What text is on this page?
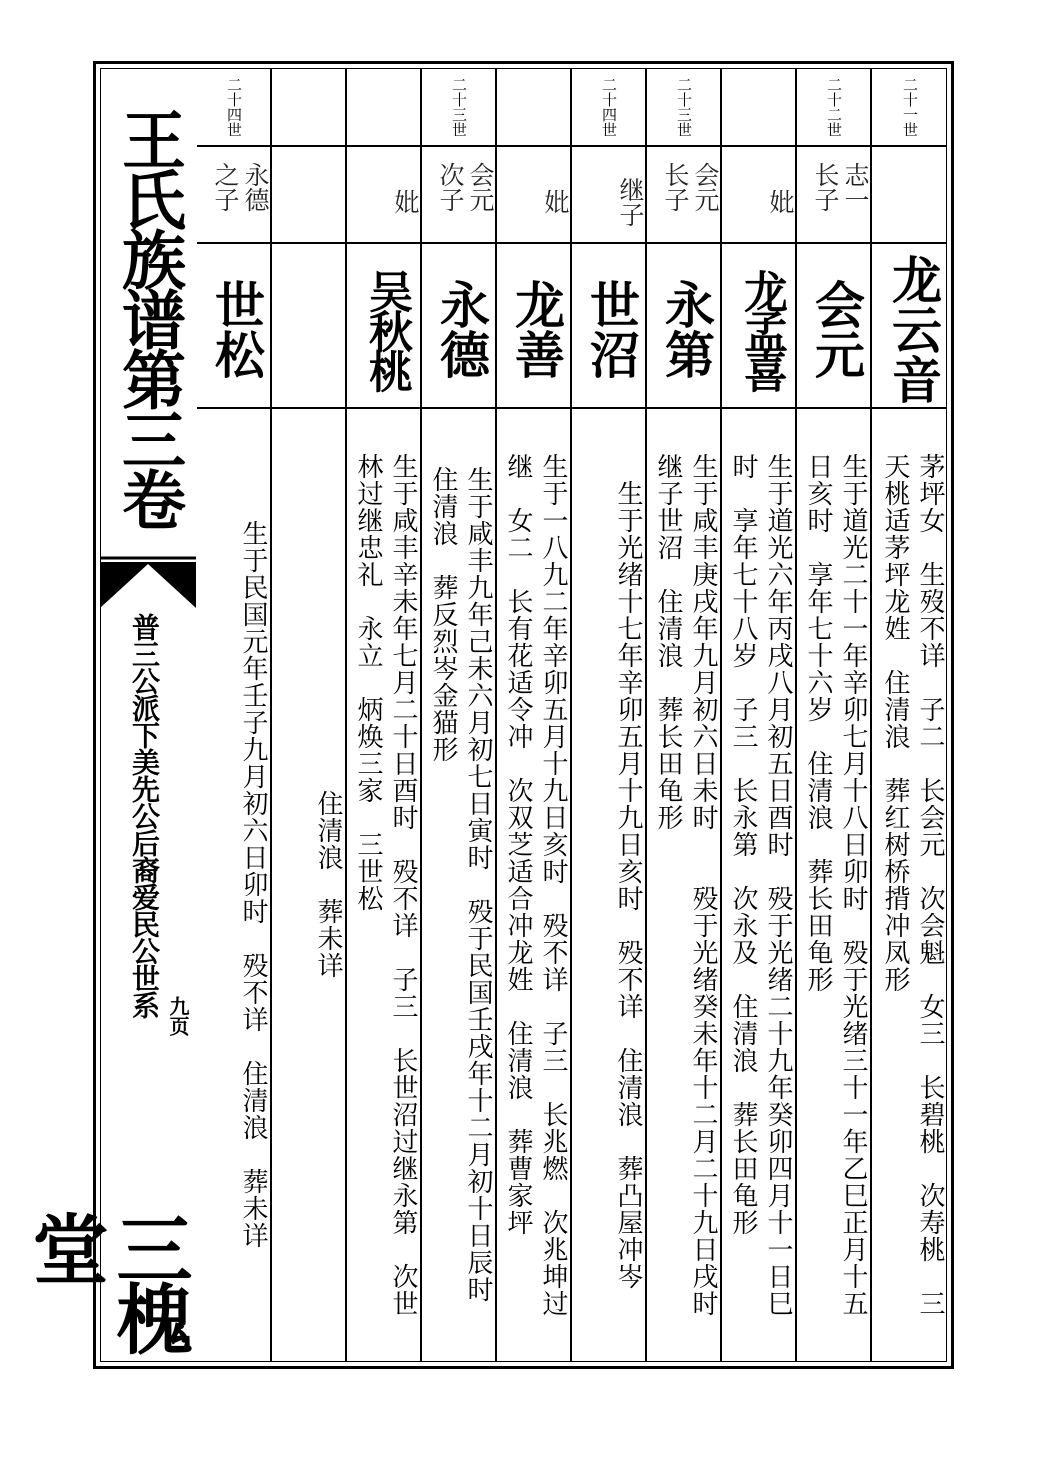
王氏族谱第三卷
普三公派下美先公后裔爱民公世系 九页
三槐堂
二十一世
龙云音
茅坪女　生歿不详　子二　长会元　次会魁　女三　长碧桃　次寿桃　三
天桃适茅坪龙姓　住清浪　葬红树桥揹冲凤形
二十二世
志一 长子
会元
生于道光二十一年辛卯七月十八日卯时　殁于光绪三十一年乙巳正月十五
日亥时　享年七十六岁　住清浪　葬长田龟形
妣
龙孟喜
生于道光六年丙戌八月初五日酉时　殁于光绪二十九年癸卯四月十一日巳
时　享年七十八岁　子三　长永第　次永及　住清浪　葬长田龟形
二十三世
会元 长子
永第
生于咸丰庚戌年九月初六日未时　　殁于光绪癸未年十二月二十九日戌时
继子世沼　住清浪　葬长田龟形
二十四世
继子
世沼
生于光绪十七年辛卯五月十九日亥时　殁不详　住清浪　葬凸屋冲岑
妣
龙善
生于一八九二年辛卯五月十九日亥时　殁不详　子三　长兆燃　次兆坤过
继　女二　长有花适令冲　次双芝适合冲龙姓　住清浪　葬曹家坪
二十三世
会元 次子
永德
生于咸丰九年己未六月初七日寅时　殁于民国壬戌年十二月初十日辰时
住清浪　葬反烈岑金猫形
妣
吴秋桃
生于咸丰辛未年七月二十日酉时　殁不详　子三　长世沼过继永第　次世
林过继忠礼　永立　炳焕三家　三世松
住清浪　葬未详
二十四世
永德 之子
世松
生于民国元年壬子九月初六日卯时　殁不详　住清浪　葬未详
